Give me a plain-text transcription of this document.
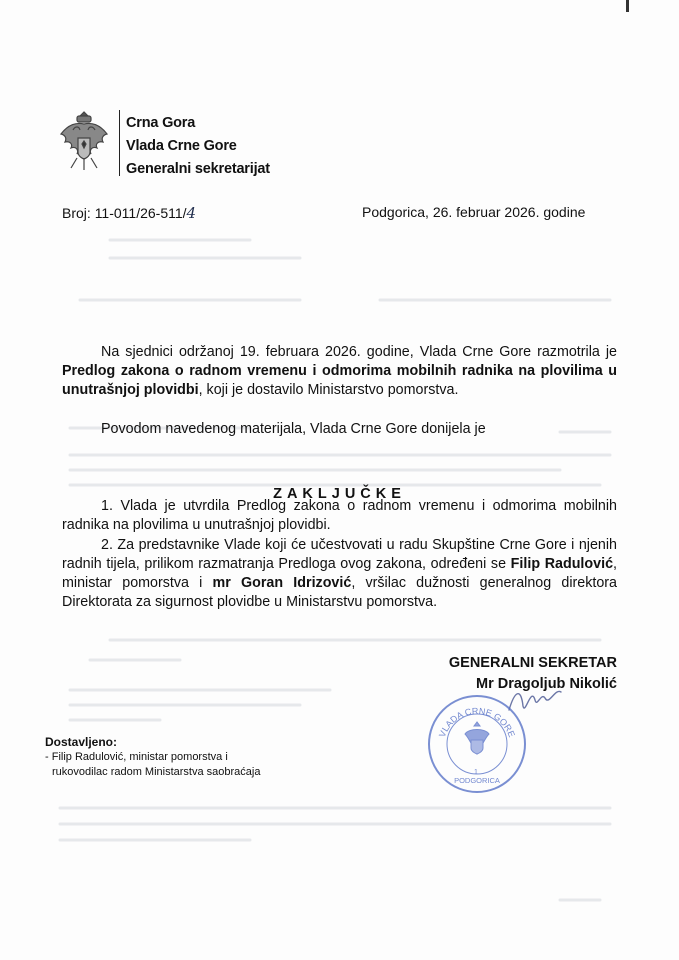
Crna Gora
Vlada Crne Gore
Generalni sekretarijat
Broj: 11-011/26-511/4	Podgorica, 26. februar 2026. godine
Na sjednici održanoj 19. februara 2026. godine, Vlada Crne Gore razmotrila je Predlog zakona o radnom vremenu i odmorima mobilnih radnika na plovilima u unutrašnjoj plovidbi, koji je dostavilo Ministarstvo pomorstva.
Povodom navedenog materijala, Vlada Crne Gore donijela je
ZAKLJUČKE
1. Vlada je utvrdila Predlog zakona o radnom vremenu i odmorima mobilnih radnika na plovilima u unutrašnjoj plovidbi.
2. Za predstavnike Vlade koji će učestvovati u radu Skupštine Crne Gore i njenih radnih tijela, prilikom razmatranja Predloga ovog zakona, određeni se Filip Radulović, ministar pomorstva i mr Goran Idrizović, vršilac dužnosti generalnog direktora Direktorata za sigurnost plovidbe u Ministarstvu pomorstva.
GENERALNI SEKRETAR
Mr Dragoljub Nikolić
VLADA CRNE GORE
PODGORICA
1
Dostavljeno:
- Filip Radulović, ministar pomorstva i
rukovodilac radom Ministarstva saobraćaja
